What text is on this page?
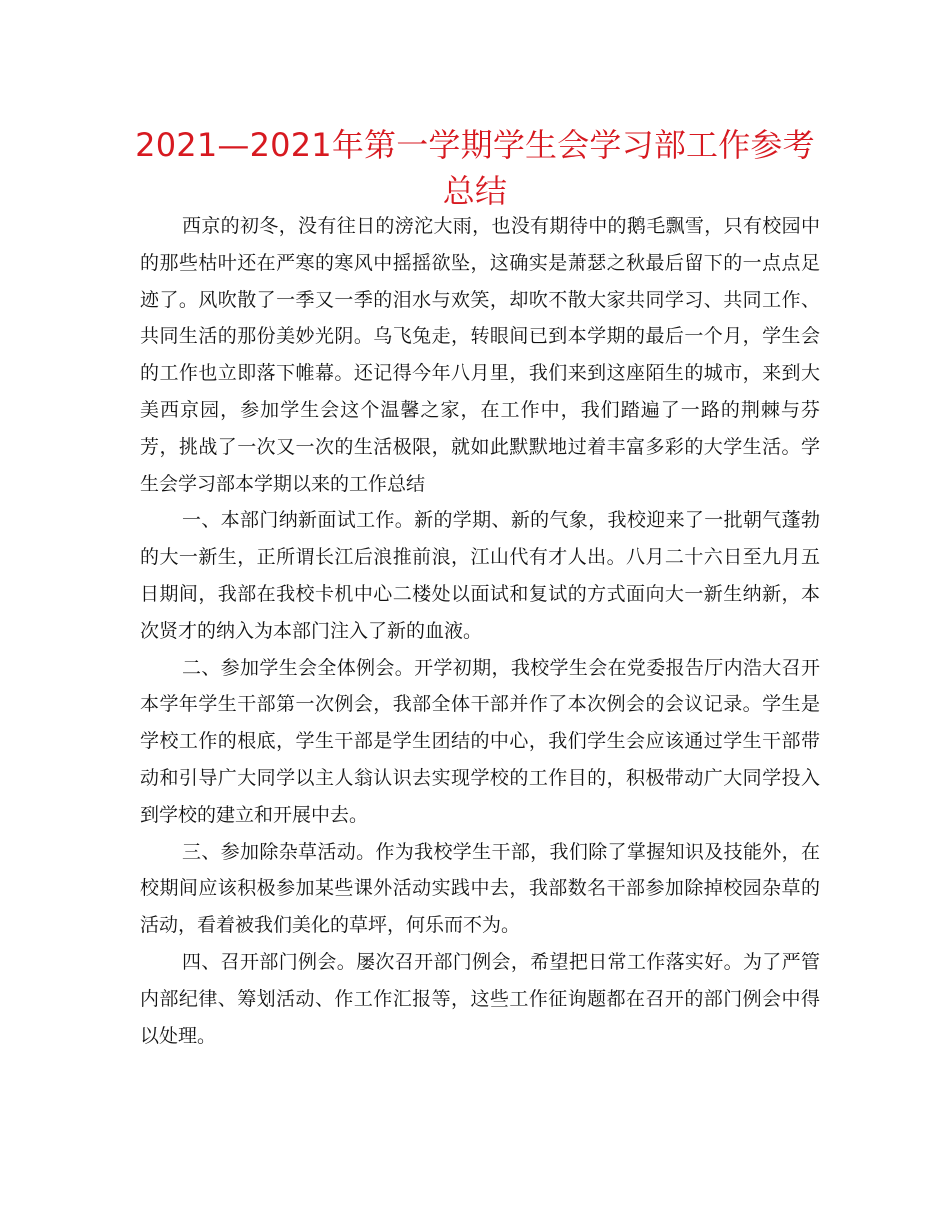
2021—2021年第一学期学生会学习部工作参考总结

西京的初冬，没有往日的滂沱大雨，也没有期待中的鹅毛飘雪，只有校园中的那些枯叶还在严寒的寒风中摇摇欲坠，这确实是萧瑟之秋最后留下的一点点足迹了。风吹散了一季又一季的泪水与欢笑，却吹不散大家共同学习、共同工作、共同生活的那份美妙光阴。乌飞兔走，转眼间已到本学期的最后一个月，学生会的工作也立即落下帷幕。还记得今年八月里，我们来到这座陌生的城市，来到大美西京园，参加学生会这个温馨之家，在工作中，我们踏遍了一路的荆棘与芬芳，挑战了一次又一次的生活极限，就如此默默地过着丰富多彩的大学生活。学生会学习部本学期以来的工作总结

一、本部门纳新面试工作。新的学期、新的气象，我校迎来了一批朝气蓬勃的大一新生，正所谓长江后浪推前浪，江山代有才人出。八月二十六日至九月五日期间，我部在我校卡机中心二楼处以面试和复试的方式面向大一新生纳新，本次贤才的纳入为本部门注入了新的血液。

二、参加学生会全体例会。开学初期，我校学生会在党委报告厅内浩大召开本学年学生干部第一次例会，我部全体干部并作了本次例会的会议记录。学生是学校工作的根底，学生干部是学生团结的中心，我们学生会应该通过学生干部带动和引导广大同学以主人翁认识去实现学校的工作目的，积极带动广大同学投入到学校的建立和开展中去。

三、参加除杂草活动。作为我校学生干部，我们除了掌握知识及技能外，在校期间应该积极参加某些课外活动实践中去，我部数名干部参加除掉校园杂草的活动，看着被我们美化的草坪，何乐而不为。

四、召开部门例会。屡次召开部门例会，希望把日常工作落实好。为了严管内部纪律、筹划活动、作工作汇报等，这些工作征询题都在召开的部门例会中得以处理。
